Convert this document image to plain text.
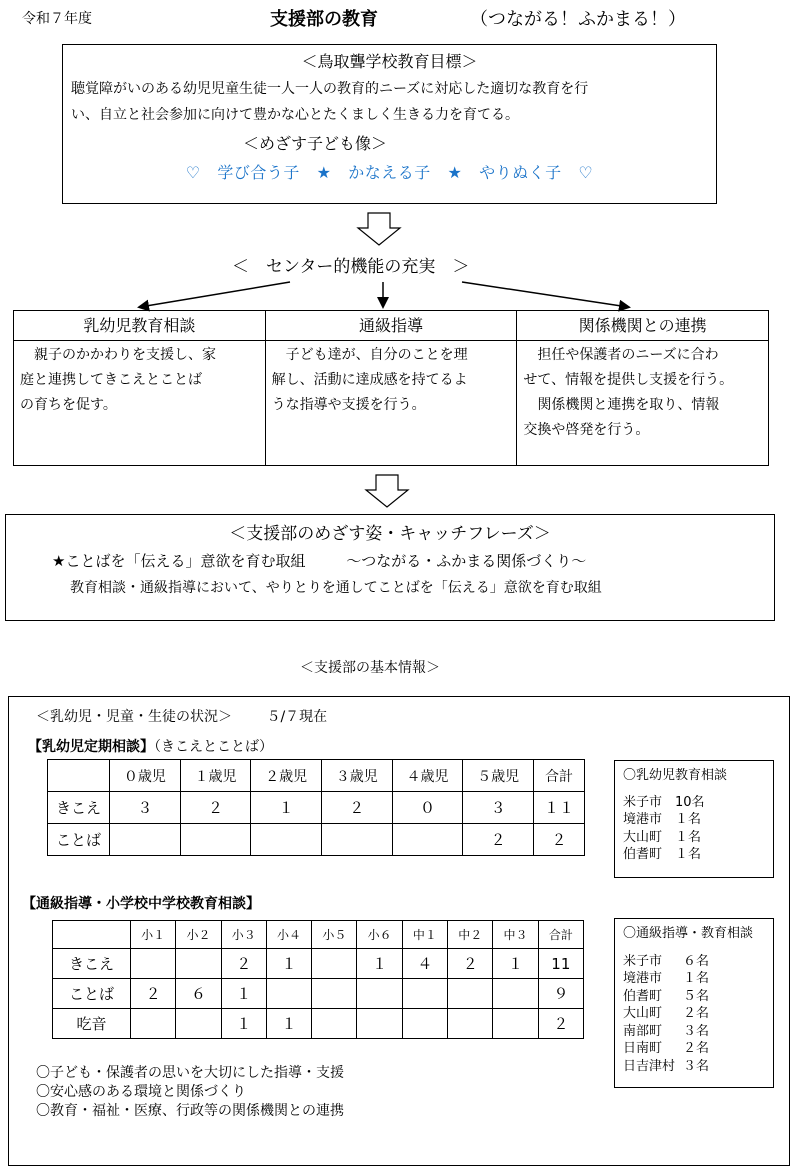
令和７年度	支援部の教育	（つながる！ふかまる！）
＜鳥取聾学校教育目標＞
聴覚障がいのある幼児児童生徒一人一人の教育的ニーズに対応した適切な教育を行
い、自立と社会参加に向けて豊かな心とたくましく生きる力を育てる。
＜めざす子ども像＞
♡ 学び合う子 ★ かなえる子 ★ やりぬく子 ♡
＜　センター的機能の充実　＞
乳幼児教育相談
親子のかかわりを支援し、家
庭と連携してきこえとことば
の育ちを促す。
通級指導
子ども達が、自分のことを理
解し、活動に達成感を持てるよ
うな指導や支援を行う。
関係機関との連携
担任や保護者のニーズに合わ
せて、情報を提供し支援を行う。
関係機関と連携を取り、情報
交換や啓発を行う。
＜支援部のめざす姿・キャッチフレーズ＞
★ことばを「伝える」意欲を育む取組	〜つながる・ふかまる関係づくり〜
教育相談・通級指導において、やりとりを通してことばを「伝える」意欲を育む取組
＜支援部の基本情報＞
＜乳幼児・児童・生徒の状況＞ ５/７現在
【乳幼児定期相談】（きこえとことば）
	０歳児	１歳児	２歳児	３歳児	４歳児	５歳児	合計
きこえ	３	２	１	２	０	３	１１
ことば						２	２
〇乳幼児教育相談
米子市 10名
境港市 １名
大山町 １名
伯耆町 １名
【通級指導・小学校中学校教育相談】
	小１	小２	小３	小４	小５	小６	中１	中２	中３	合計
きこえ			２	１		１	４	２	１	11
ことば	２	６	１							９
吃音			１	１						２
〇通級指導・教育相談
米子市 ６名
境港市 １名
伯耆町 ５名
大山町 ２名
南部町 ３名
日南町 ２名
日吉津村 ３名
〇子ども・保護者の思いを大切にした指導・支援
〇安心感のある環境と関係づくり
〇教育・福祉・医療、行政等の関係機関との連携
